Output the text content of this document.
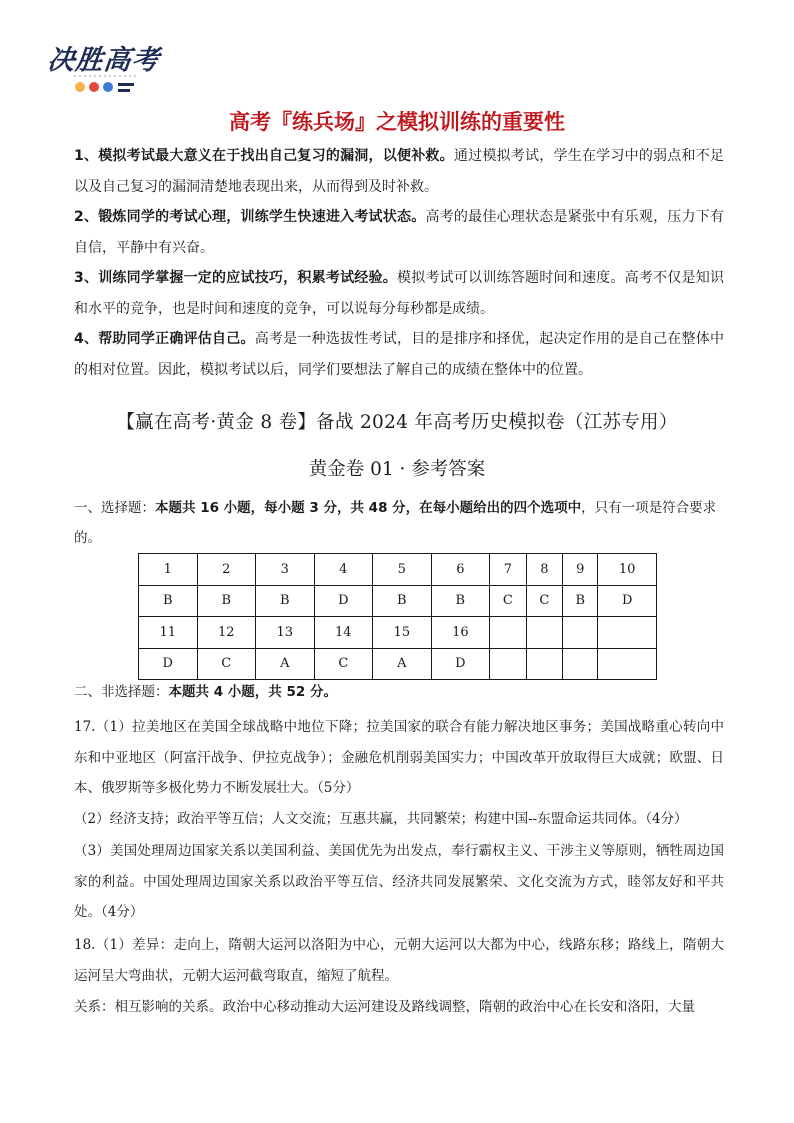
决胜高考
高考『练兵场』之模拟训练的重要性
1、模拟考试最大意义在于找出自己复习的漏洞，以便补救。通过模拟考试，学生在学习中的弱点和不足以及自己复习的漏洞清楚地表现出来，从而得到及时补救。
2、锻炼同学的考试心理，训练学生快速进入考试状态。高考的最佳心理状态是紧张中有乐观，压力下有自信，平静中有兴奋。
3、训练同学掌握一定的应试技巧，积累考试经验。模拟考试可以训练答题时间和速度。高考不仅是知识和水平的竞争，也是时间和速度的竞争，可以说每分每秒都是成绩。
4、帮助同学正确评估自己。高考是一种选拔性考试，目的是排序和择优，起决定作用的是自己在整体中的相对位置。因此，模拟考试以后，同学们要想法了解自己的成绩在整体中的位置。
【赢在高考·黄金 8 卷】备战 2024 年高考历史模拟卷（江苏专用）
黄金卷 01 · 参考答案
一、选择题：本题共 16 小题，每小题 3 分，共 48 分，在每小题给出的四个选项中，只有一项是符合要求的。
1	2	3	4	5	6	7	8	9	10
B	B	B	D	B	B	C	C	B	D
11	12	13	14	15	16				
D	C	A	C	A	D				
二、非选择题：本题共 4 小题，共 52 分。
17.（1）拉美地区在美国全球战略中地位下降；拉美国家的联合有能力解决地区事务；美国战略重心转向中东和中亚地区（阿富汗战争、伊拉克战争）；金融危机削弱美国实力；中国改革开放取得巨大成就；欧盟、日本、俄罗斯等多极化势力不断发展壮大。（5分）
（2）经济支持；政治平等互信；人文交流；互惠共赢，共同繁荣；构建中国--东盟命运共同体。（4分）
（3）美国处理周边国家关系以美国利益、美国优先为出发点，奉行霸权主义、干涉主义等原则，牺牲周边国家的利益。中国处理周边国家关系以政治平等互信、经济共同发展繁荣、文化交流为方式，睦邻友好和平共处。（4分）
18.（1）差异：走向上，隋朝大运河以洛阳为中心，元朝大运河以大都为中心，线路东移；路线上，隋朝大运河呈大弯曲状，元朝大运河截弯取直，缩短了航程。
关系：相互影响的关系。政治中心移动推动大运河建设及路线调整，隋朝的政治中心在长安和洛阳，大量
